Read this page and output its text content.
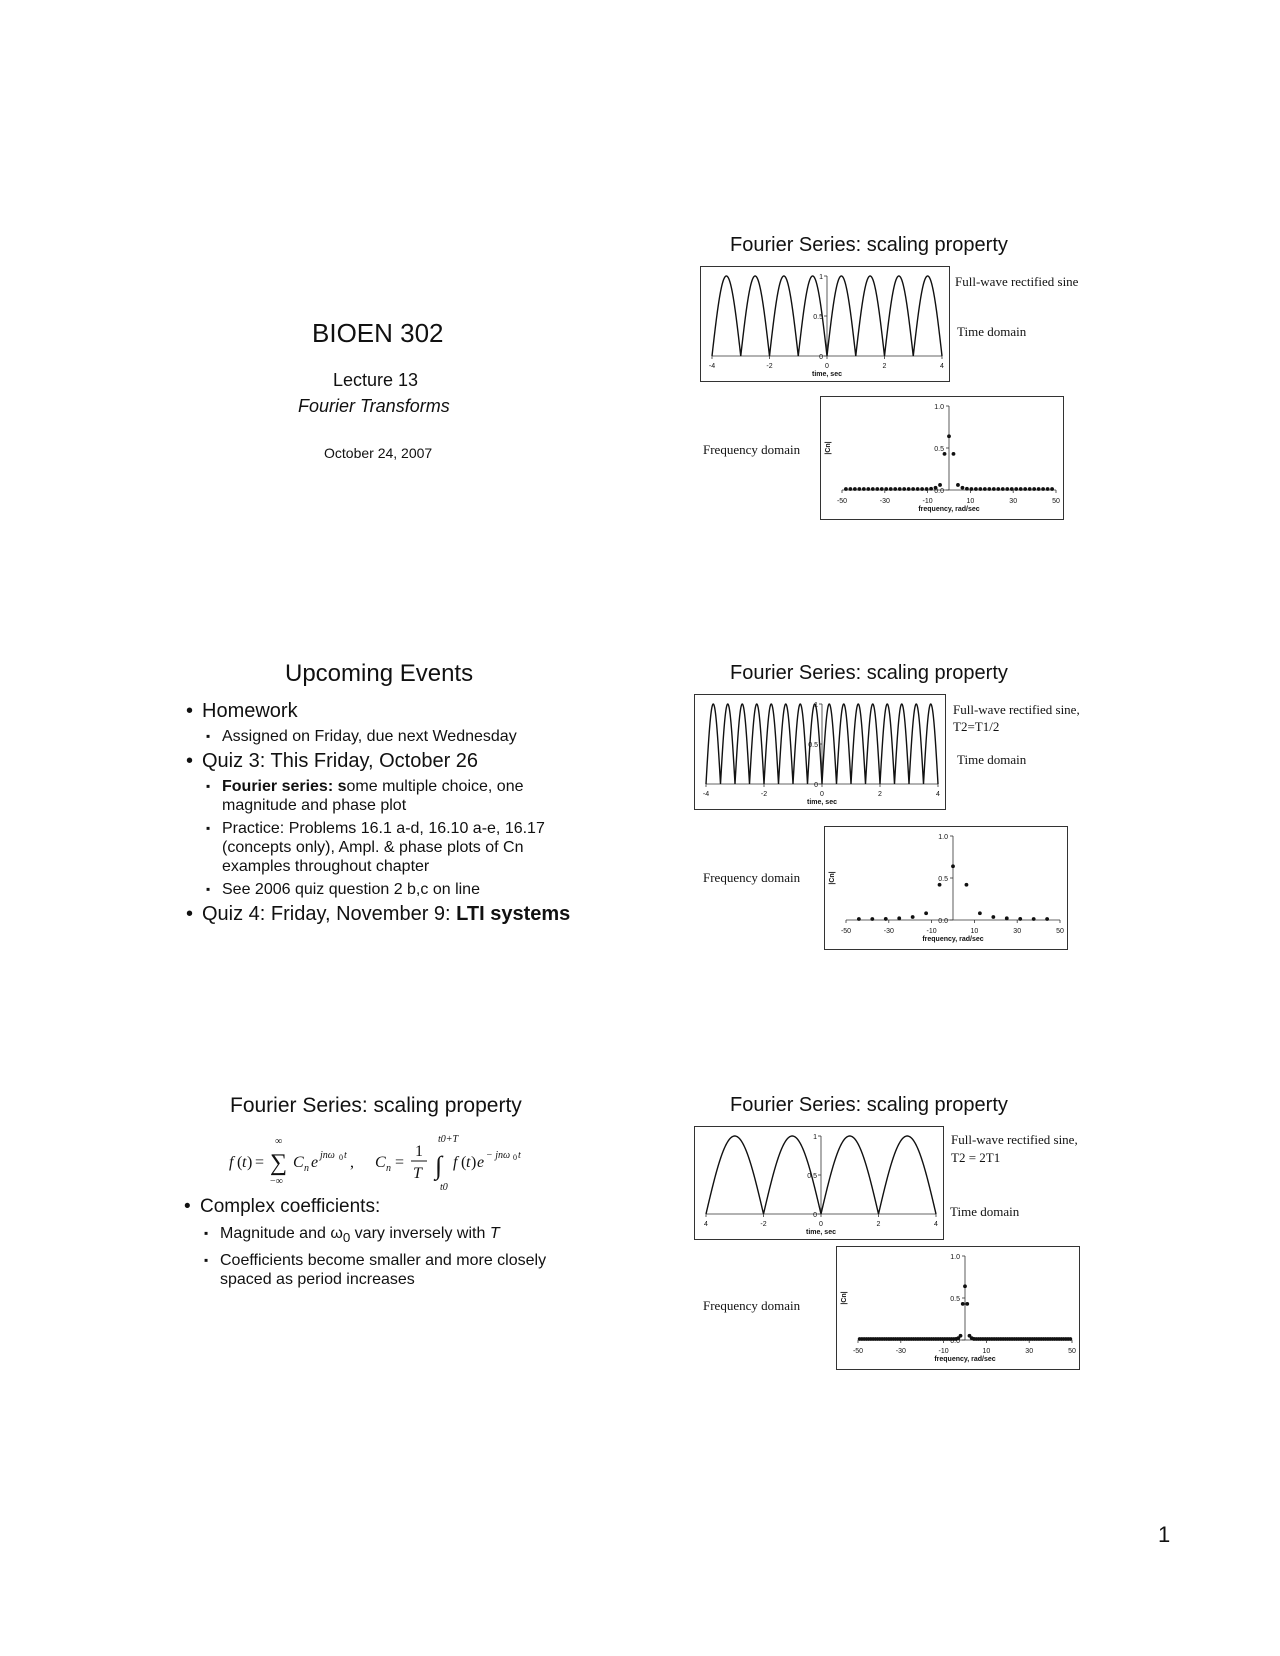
BIOEN 302
Lecture 13
Fourier Transforms
October 24, 2007
Upcoming Events
• Homework
▪ Assigned on Friday, due next Wednesday
• Quiz 3: This Friday, October 26
▪ Fourier series: some multiple choice, one magnitude and phase plot
▪ Practice: Problems 16.1 a-d, 16.10 a-e, 16.17 (concepts only), Ampl. & phase plots of Cn examples throughout chapter
▪ See 2006 quiz question 2 b,c on line
• Quiz 4: Friday, November 9: LTI systems
Fourier Series: scaling property
f ( t ) = ∑
∞
−∞
C n e jnω 0 t , C n =
1
T ∫
t0+T
t0
f ( t ) e − jnω 0 t
• Complex coefficients:
▪ Magnitude and $\omega_0$ vary inversely with T
▪ Coefficients become smaller and more closely spaced as period increases
Fourier Series: scaling property
-4	-2	0	2	4
0
0.5
1
time, sec
Full-wave rectified sine
Time domain
Frequency domain
-50	-30	-10	10	30	50
0.0
0.5
1.0
frequency, rad/sec
|Cn|
Fourier Series: scaling property
-4	-2	0	2	4
0
0.5
1
time, sec
Full-wave rectified sine,
T2=T1/2
Time domain
Frequency domain
-50	-30	-10	10	30	50
0.0
0.5
1.0
frequency, rad/sec
|Cn|
Fourier Series: scaling property
4	-2	0	2	4
0
0.5
1
time, sec
Full-wave rectified sine,
T2 = 2T1
Time domain
Frequency domain
-50	-30	-10	10	30	50
0.0
0.5
1.0
frequency, rad/sec
|Cn|
1
